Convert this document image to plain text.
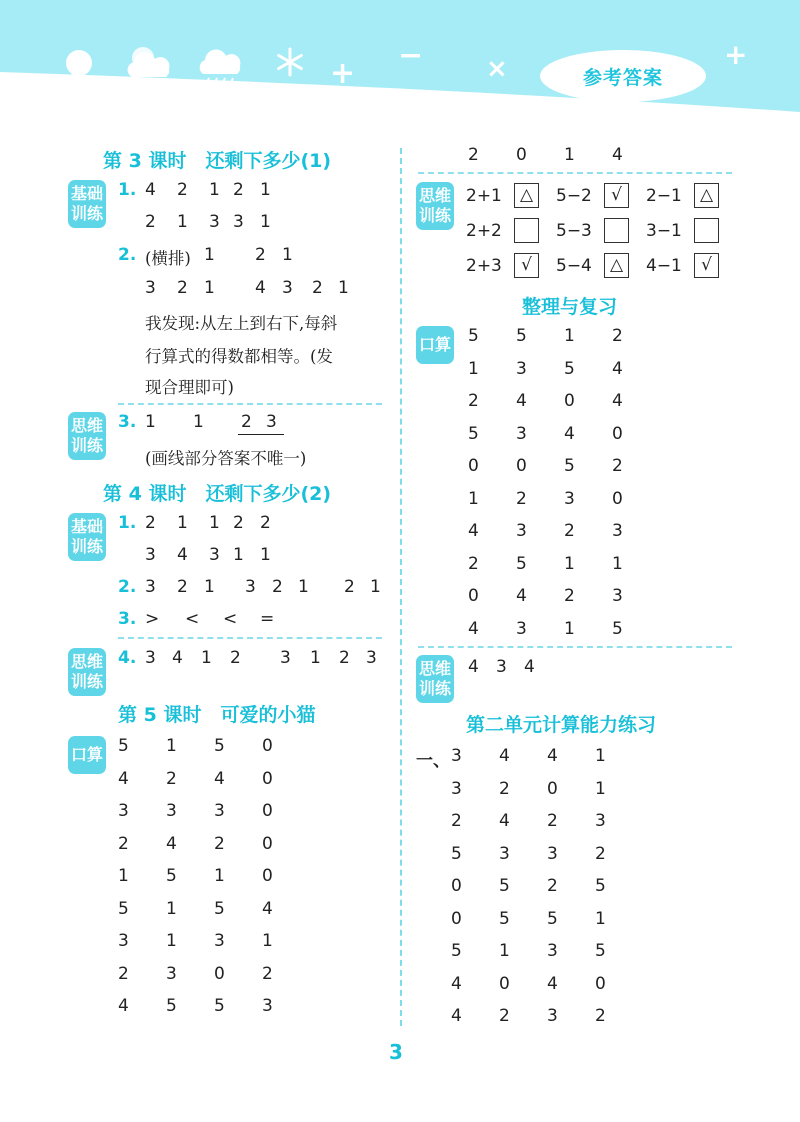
+
− ×	+
参考答案
第 3 课时　还剩下多少(1)
基础
训练
1. 4	2	1 2 1
2	1	3 3 1
2. (横排) 1	2 1
3	2 1	4 3	2 1
我发现:从左上到右下,每斜
行算式的得数都相等。(发
现合理即可)
思维
训练
3. 1	1	2 3
(画线部分答案不唯一)
第 4 课时　还剩下多少(2)
基础
训练
1. 2	1	1 2 2
3	4	3 1 1
2. 3	2 1	3 2 1	2 1
3. >	<	<	=
思维
训练
4. 3 4	1	2	3	1	2 3
第 5 课时　可爱的小猫
口算 5	1	5	0
4	2	4	0
3	3	3	0
2	4	2	0
1	5	1	0
5	1	5	4
3	1	3	1
2	3	0	2
4	5	5	3
2	0	1	4
思维
训练
2+1	△	5−2	√	2−1	△
2+2	5−3	3−1
2+3	√	5−4	△	4−1	√
整理与复习
口算 5	5	1	2
1	3	5	4
2	4	0	4
5	3	4	0
0	0	5	2
1	2	3	0
4	3	2	3
2	5	1	1
0	4	2	3
4	3	1	5
思维
训练
4	3	4
第二单元计算能力练习
一、 3	4	4	1
3	2	0	1
2	4	2	3
5	3	3	2
0	5	2	5
0	5	5	1
5	1	3	5
4	0	4	0
4	2	3	2
3
